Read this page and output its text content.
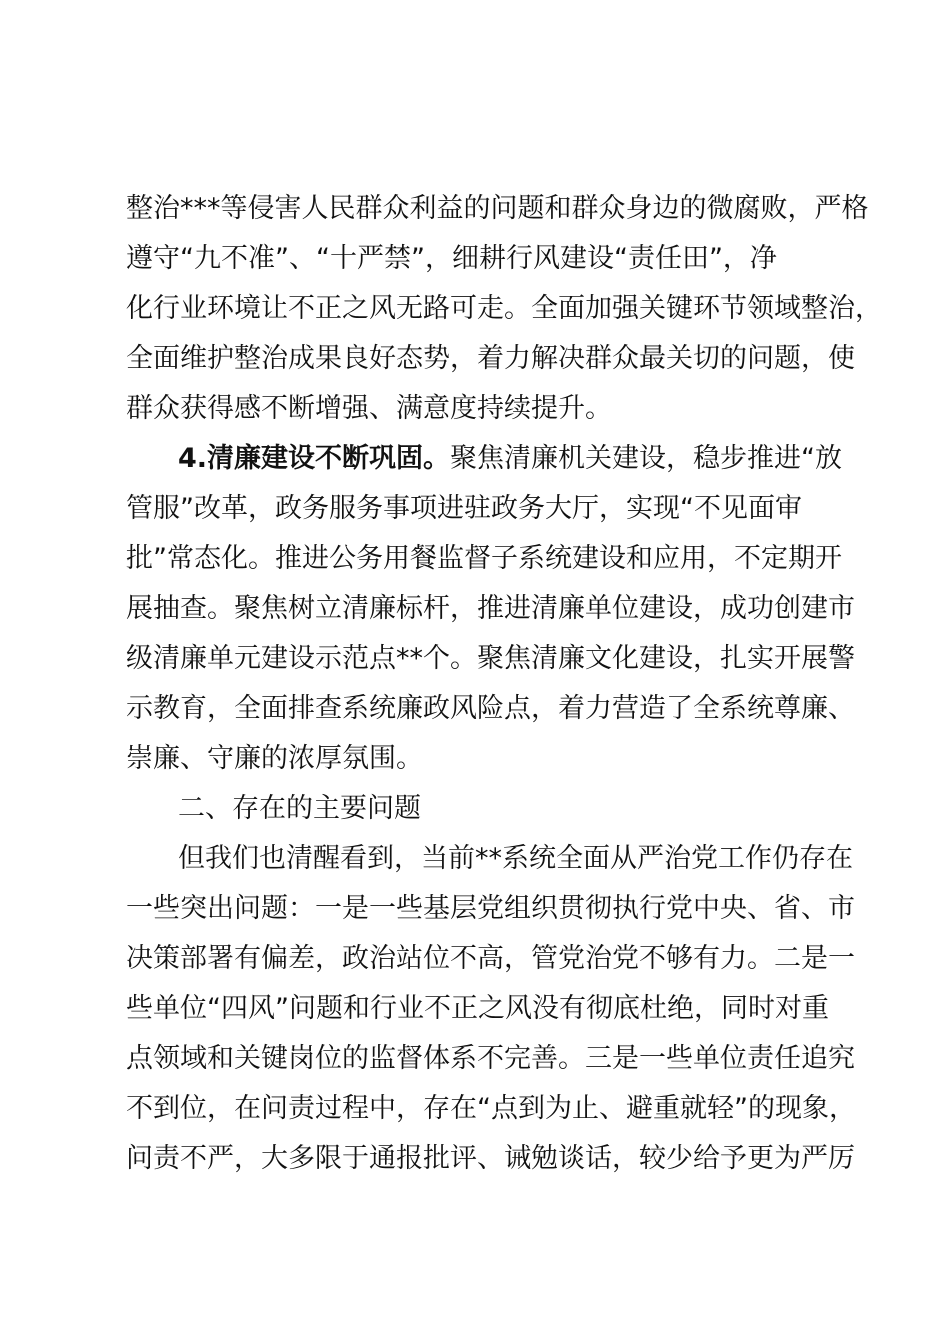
整治***等侵害人民群众利益的问题和群众身边的微腐败，严格
遵守“九不准”、“十严禁”，细耕行风建设“责任田”，净
化行业环境让不正之风无路可走。全面加强关键环节领域整治，
全面维护整治成果良好态势，着力解决群众最关切的问题，使
群众获得感不断增强、满意度持续提升。
4.清廉建设不断巩固。聚焦清廉机关建设，稳步推进“放
管服”改革，政务服务事项进驻政务大厅，实现“不见面审
批”常态化。推进公务用餐监督子系统建设和应用，不定期开
展抽查。聚焦树立清廉标杆，推进清廉单位建设，成功创建市
级清廉单元建设示范点**个。聚焦清廉文化建设，扎实开展警
示教育，全面排查系统廉政风险点，着力营造了全系统尊廉、
崇廉、守廉的浓厚氛围。
二、存在的主要问题
但我们也清醒看到，当前**系统全面从严治党工作仍存在
一些突出问题：一是一些基层党组织贯彻执行党中央、省、市
决策部署有偏差，政治站位不高，管党治党不够有力。二是一
些单位“四风”问题和行业不正之风没有彻底杜绝，同时对重
点领域和关键岗位的监督体系不完善。三是一些单位责任追究
不到位，在问责过程中，存在“点到为止、避重就轻”的现象，
问责不严，大多限于通报批评、诫勉谈话，较少给予更为严厉
